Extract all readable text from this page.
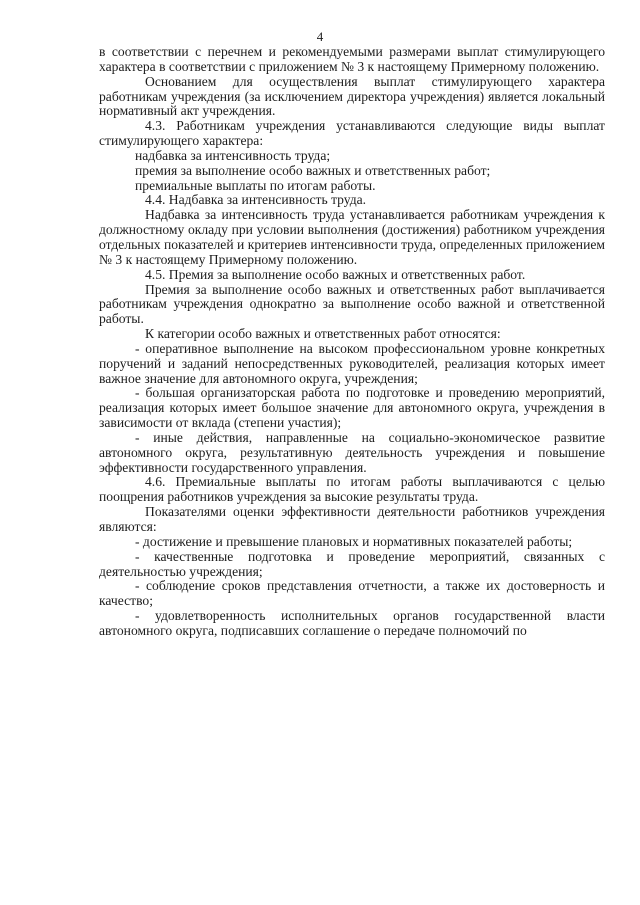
4

в соответствии с перечнем и рекомендуемыми размерами выплат стимулирующего характера в соответствии с приложением № 3 к настоящему Примерному положению.

Основанием для осуществления выплат стимулирующего характера работникам учреждения (за исключением директора учреждения) является локальный нормативный акт учреждения.

4.3. Работникам учреждения устанавливаются следующие виды выплат стимулирующего характера:

надбавка за интенсивность труда;

премия за выполнение особо важных и ответственных работ;

премиальные выплаты по итогам работы.

4.4. Надбавка за интенсивность труда.

Надбавка за интенсивность труда устанавливается работникам учреждения к должностному окладу при условии выполнения (достижения) работником учреждения отдельных показателей и критериев интенсивности труда, определенных приложением № 3 к настоящему Примерному положению.

4.5. Премия за выполнение особо важных и ответственных работ.

Премия за выполнение особо важных и ответственных работ выплачивается работникам учреждения однократно за выполнение особо важной и ответственной работы.

К категории особо важных и ответственных работ относятся:

- оперативное выполнение на высоком профессиональном уровне конкретных поручений и заданий непосредственных руководителей, реализация которых имеет важное значение для автономного округа, учреждения;

- большая организаторская работа по подготовке и проведению мероприятий, реализация которых имеет большое значение для автономного округа, учреждения в зависимости от вклада (степени участия);

- иные действия, направленные на социально-экономическое развитие автономного округа, результативную деятельность учреждения и повышение эффективности государственного управления.

4.6. Премиальные выплаты по итогам работы выплачиваются с целью поощрения работников учреждения за высокие результаты труда.

Показателями оценки эффективности деятельности работников учреждения являются:

- достижение и превышение плановых и нормативных показателей работы;

- качественные подготовка и проведение мероприятий, связанных с деятельностью учреждения;

- соблюдение сроков представления отчетности, а также их достоверность и качество;

- удовлетворенность исполнительных органов государственной власти автономного округа, подписавших соглашение о передаче полномочий по
